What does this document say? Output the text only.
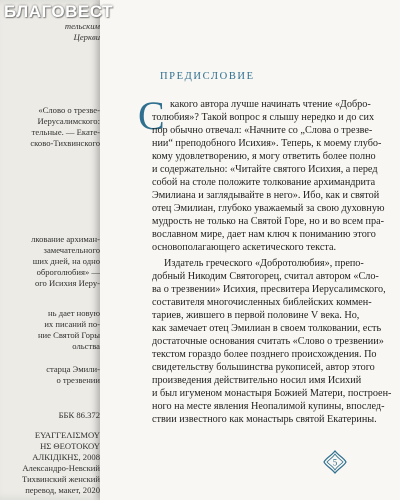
тельским
Церкви
«Слово о трезве-
Иерусалимского:
тельные. — Екате-
сково-Тихвинского
лкование архиман-
замечательного
ших дней, на одно
оброголюбия» —
ого Исихия Иеру-
нь дает новую
их писаний по-
ние Святой Горы
ольства
старца Эмили-
о трезвении
ББК 86.372
ΕΥΑΓΓΕΛΙΣΜΟΥ
ΗΣ ΘΕΟΤΟΚΟΥ
АЛКIДIКНΣ, 2008
Александро-Невский
Тихвинский женский
перевод, макет, 2020
ПРЕДИСЛОВИЕ
С какого автора лучше начинать чтение «Добро-
толюбия»? Такой вопрос я слышу нередко и до сих
пор обычно отвечал: «Начните со „Слова о трезве-
нии“ преподобного Исихия». Теперь, к моему глубо-
кому удовлетворению, я могу ответить более полно
и содержательно: «Читайте святого Исихия, а перед
собой на столе положите толкование архимандрита
Эмилиана и заглядывайте в него». Ибо, как и святой
отец Эмилиан, глубоко уважаемый за свою духовную
мудрость не только на Святой Горе, но и во всем пра-
вославном мире, дает нам ключ к пониманию этого
основополагающего аскетического текста.
Издатель греческого «Добротолюбия», препо-
добный Никодим Святогорец, считал автором «Сло-
ва о трезвении» Исихия, пресвитера Иерусалимского,
составителя многочисленных библейских коммен-
тариев, жившего в первой половине V века. Но,
как замечает отец Эмилиан в своем толковании, есть
достаточные основания считать «Слово о трезвении»
текстом гораздо более позднего происхождения. По
свидетельству большинства рукописей, автор этого
произведения действительно носил имя Исихий
и был игуменом монастыря Божией Матери, построен-
ного на месте явления Неопалимой купины, впослед-
ствии известного как монастырь святой Екатерины.
5
БЛАГОВЕСТ
